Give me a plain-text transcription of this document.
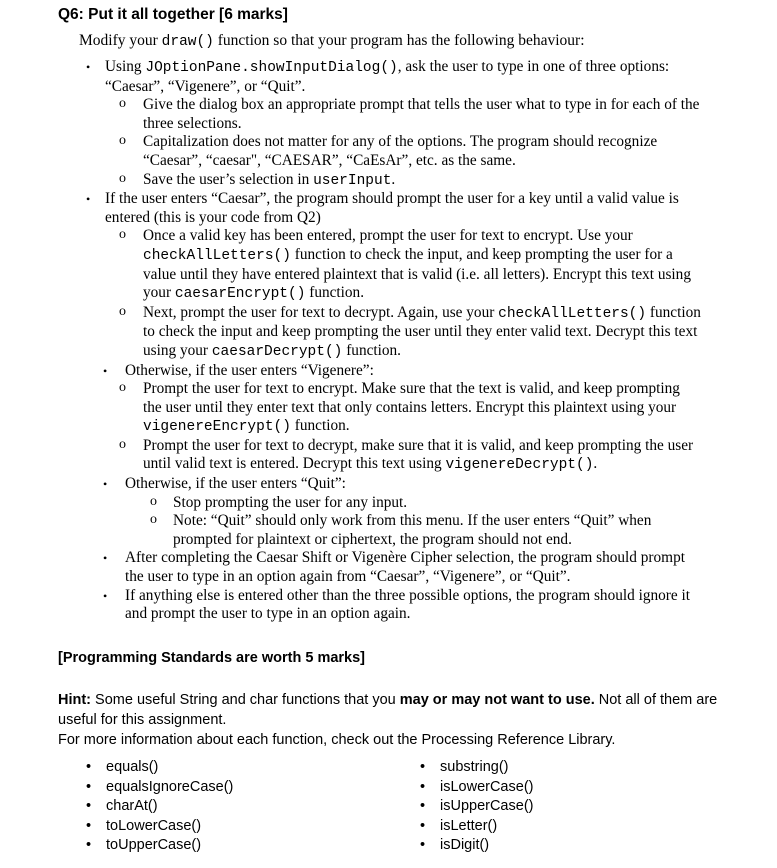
Q6: Put it all together [6 marks]
Modify your draw() function so that your program has the following behaviour:
• Using JOptionPane.showInputDialog(), ask the user to type in one of three options: “Caesar”, “Vigenere”, or “Quit”.
o Give the dialog box an appropriate prompt that tells the user what to type in for each of the three selections.
o Capitalization does not matter for any of the options. The program should recognize “Caesar”, “caesar", “CAESAR”, “CaEsAr”, etc. as the same.
o Save the user’s selection in userInput.
• If the user enters “Caesar”, the program should prompt the user for a key until a valid value is entered (this is your code from Q2)
o Once a valid key has been entered, prompt the user for text to encrypt. Use your checkAllLetters() function to check the input, and keep prompting the user for a value until they have entered plaintext that is valid (i.e. all letters). Encrypt this text using your caesarEncrypt() function.
o Next, prompt the user for text to decrypt. Again, use your checkAllLetters() function to check the input and keep prompting the user until they enter valid text. Decrypt this text using your caesarDecrypt() function.
• Otherwise, if the user enters “Vigenere”:
o Prompt the user for text to encrypt. Make sure that the text is valid, and keep prompting the user until they enter text that only contains letters. Encrypt this plaintext using your vigenereEncrypt() function.
o Prompt the user for text to decrypt, make sure that it is valid, and keep prompting the user until valid text is entered. Decrypt this text using vigenereDecrypt().
• Otherwise, if the user enters “Quit”:
o Stop prompting the user for any input.
o Note: “Quit” should only work from this menu. If the user enters “Quit” when prompted for plaintext or ciphertext, the program should not end.
• After completing the Caesar Shift or Vigenère Cipher selection, the program should prompt the user to type in an option again from “Caesar”, “Vigenere”, or “Quit”.
• If anything else is entered other than the three possible options, the program should ignore it and prompt the user to type in an option again.
[Programming Standards are worth 5 marks]
Hint: Some useful String and char functions that you may or may not want to use. Not all of them are useful for this assignment.
For more information about each function, check out the Processing Reference Library.
• equals()
• equalsIgnoreCase()
• charAt()
• toLowerCase()
• toUpperCase()
• substring()
• isLowerCase()
• isUpperCase()
• isLetter()
• isDigit()
